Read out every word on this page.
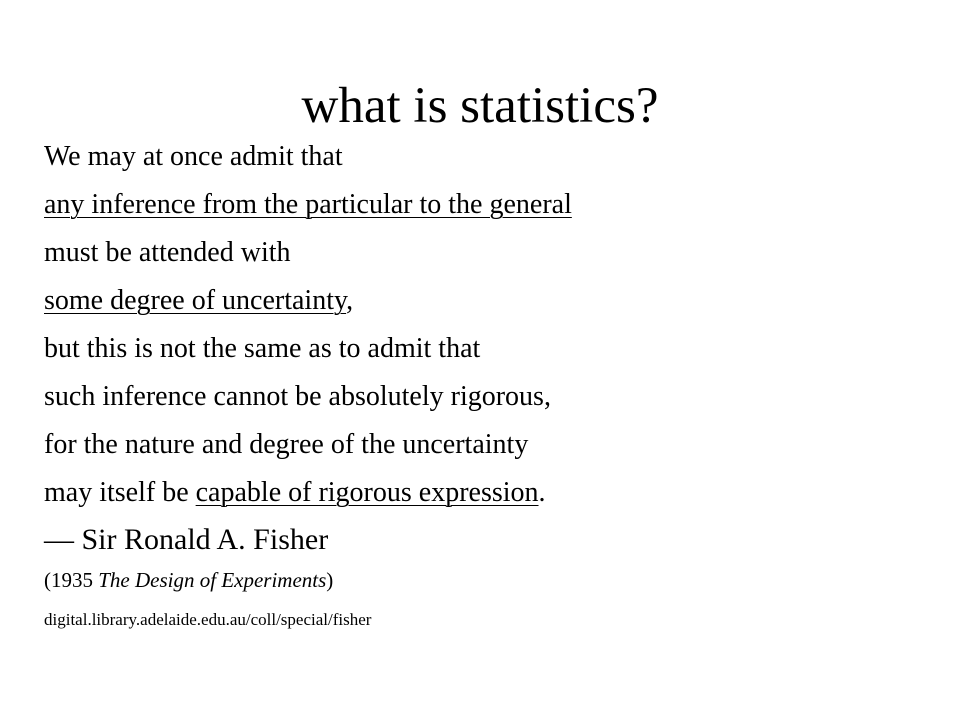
what is statistics?
We may at once admit that
any inference from the particular to the general
must be attended with
some degree of uncertainty,
but this is not the same as to admit that
such inference cannot be absolutely rigorous,
for the nature and degree of the uncertainty
may itself be capable of rigorous expression.
— Sir Ronald A. Fisher
(1935 The Design of Experiments)
digital.library.adelaide.edu.au/coll/special/fisher
